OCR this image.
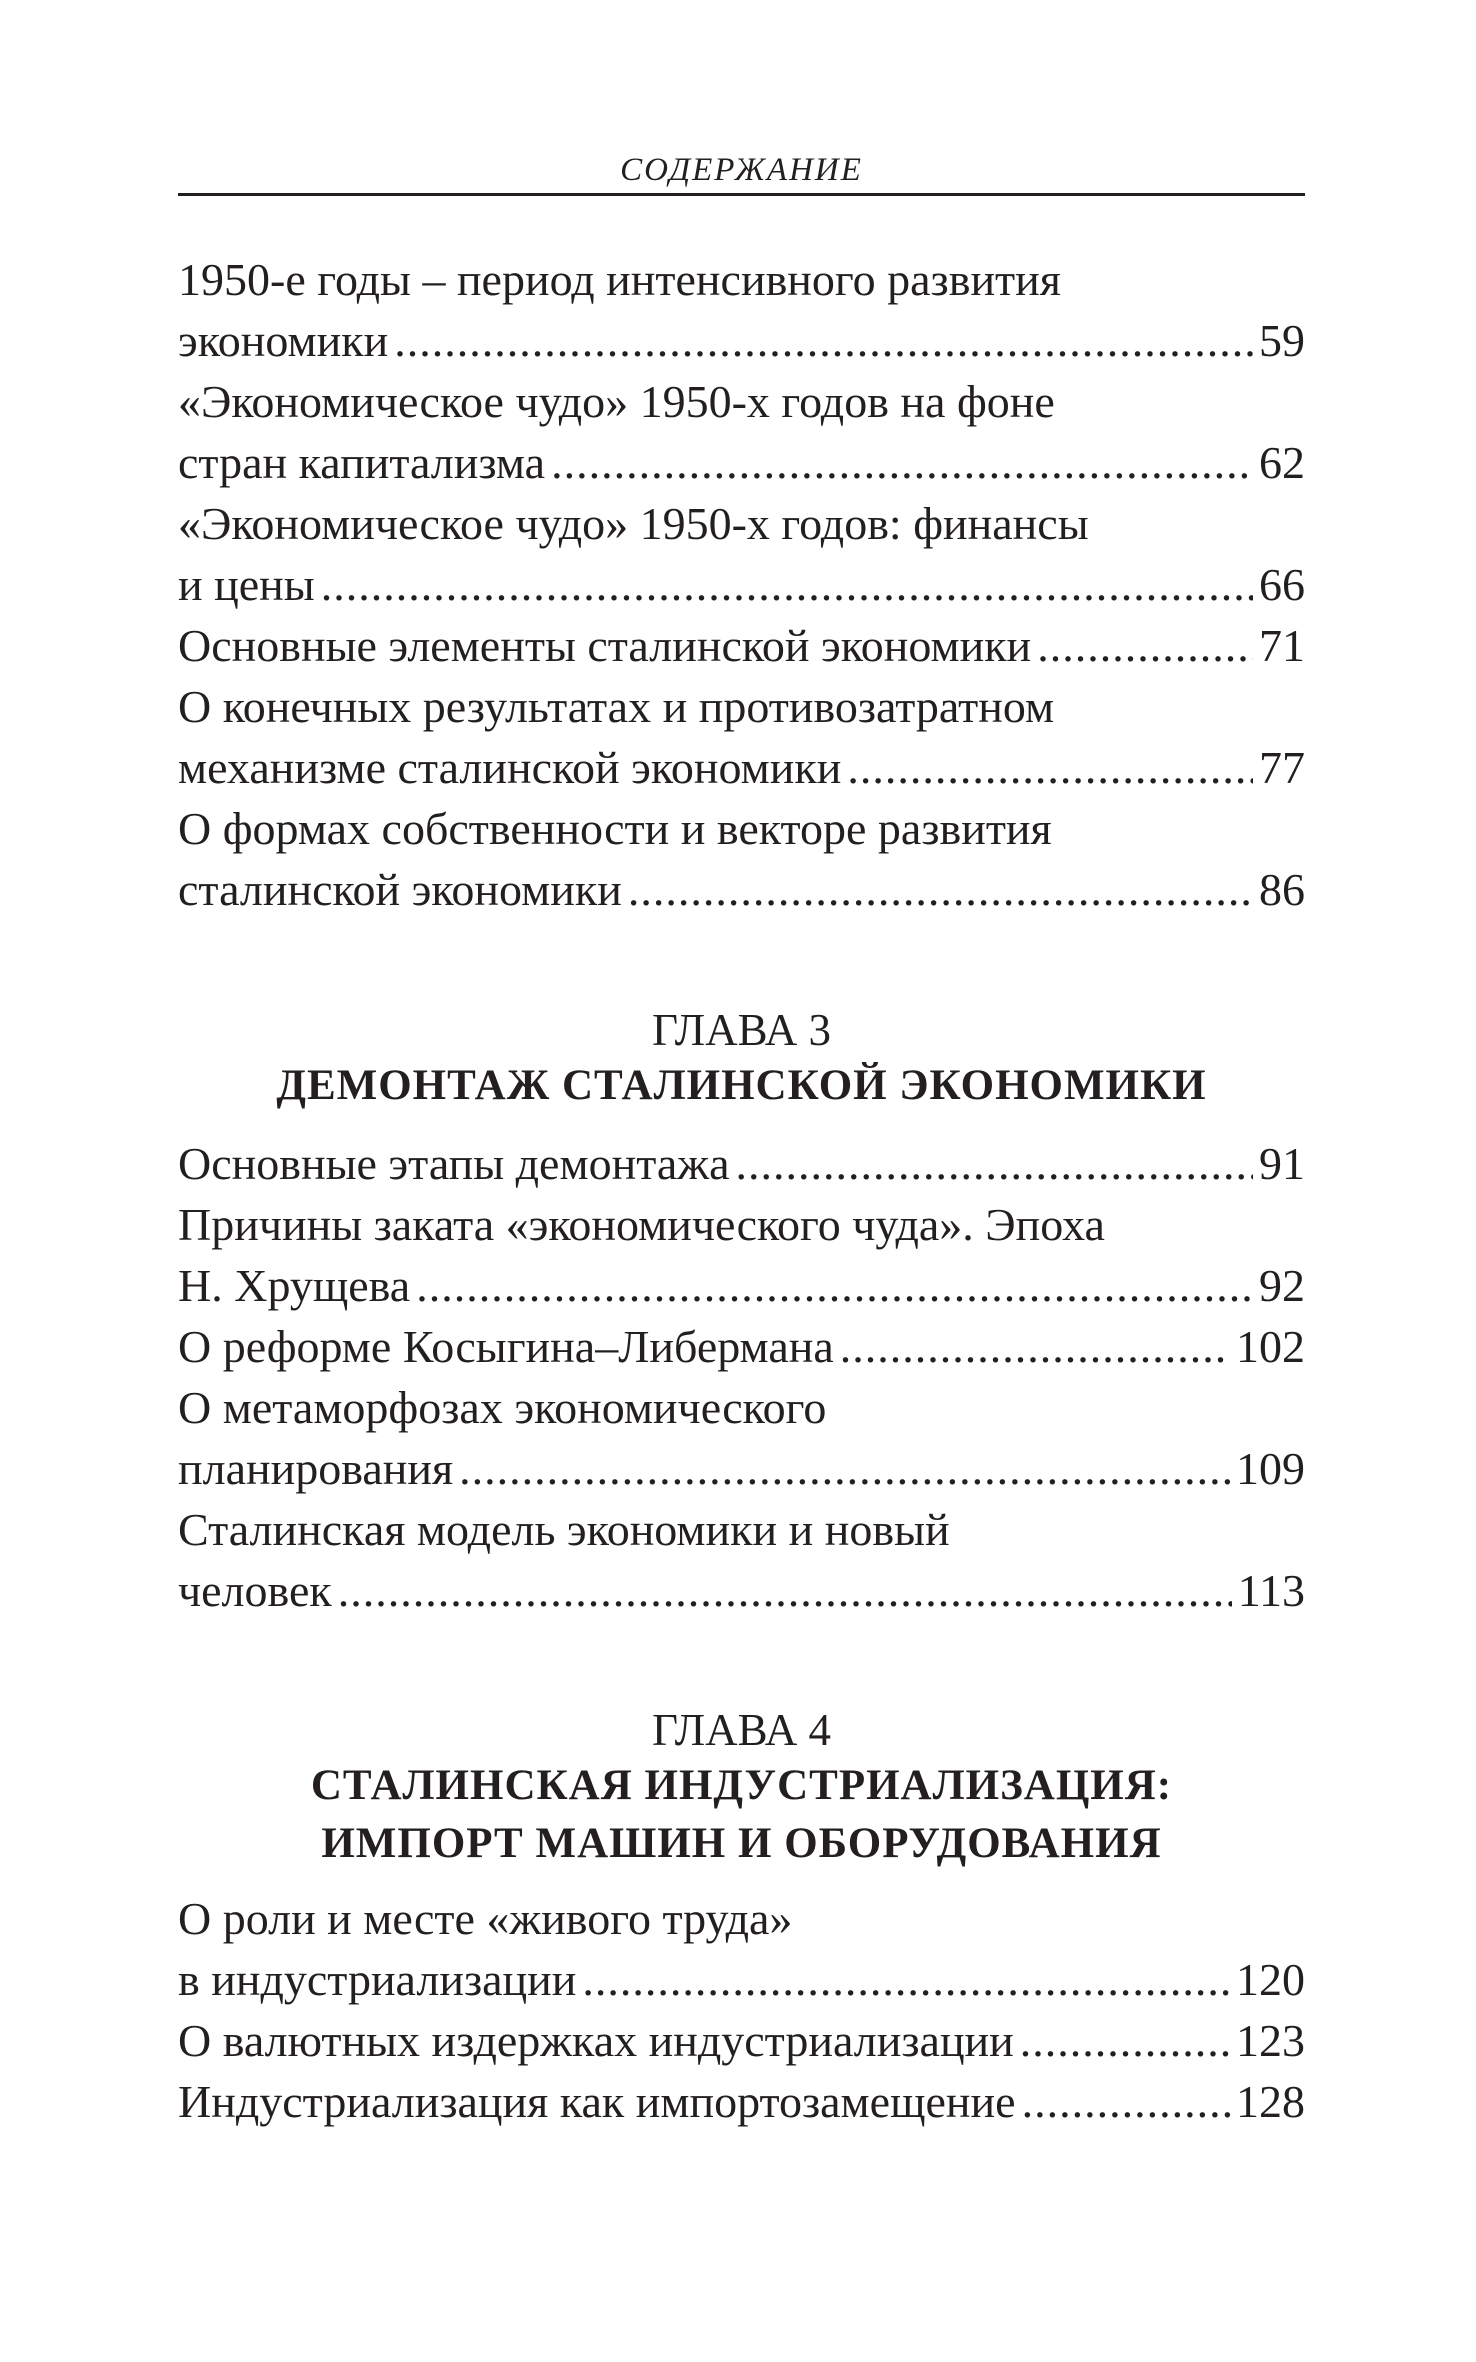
СОДЕРЖАНИЕ
1950-е годы – период интенсивного развития
экономики .....	59
«Экономическое чудо» 1950-х годов на фоне
стран капитализма .....	62
«Экономическое чудо» 1950-х годов: финансы
и цены .....	66
Основные элементы сталинской экономики .....	71
О конечных результатах и противозатратном
механизме сталинской экономики .....	77
О формах собственности и векторе развития
сталинской экономики .....	86
ГЛАВА 3
ДЕМОНТАЖ СТАЛИНСКОЙ ЭКОНОМИКИ
Основные этапы демонтажа .....	91
Причины заката «экономического чуда». Эпоха
Н. Хрущева .....	92
О реформе Косыгина–Либермана .....	102
О метаморфозах экономического
планирования .....	109
Сталинская модель экономики и новый
человек .....	113
ГЛАВА 4
СТАЛИНСКАЯ ИНДУСТРИАЛИЗАЦИЯ:
ИМПОРТ МАШИН И ОБОРУДОВАНИЯ
О роли и месте «живого труда»
в индустриализации .....	120
О валютных издержках индустриализации .....	123
Индустриализация как импортозамещение .....	128
